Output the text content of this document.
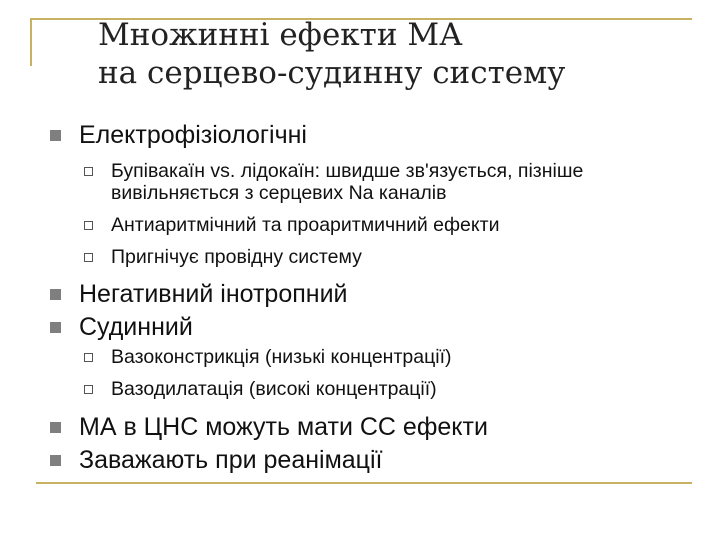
Множинні ефекти МА
на серцево-судинну систему
Електрофізіологічні
Бупівакаїн vs. лідокаїн: швидше зв'язується, пізніше вивільняється з серцевих Na каналів
Антиаритмічний та проаритмичний ефекти
Пригнічує провідну систему
Негативний інотропний
Судинний
Вазоконстрикція (низькі концентрації)
Вазодилатація (високі концентрації)
МА в ЦНС можуть мати СС ефекти
Заважають при реанімації
